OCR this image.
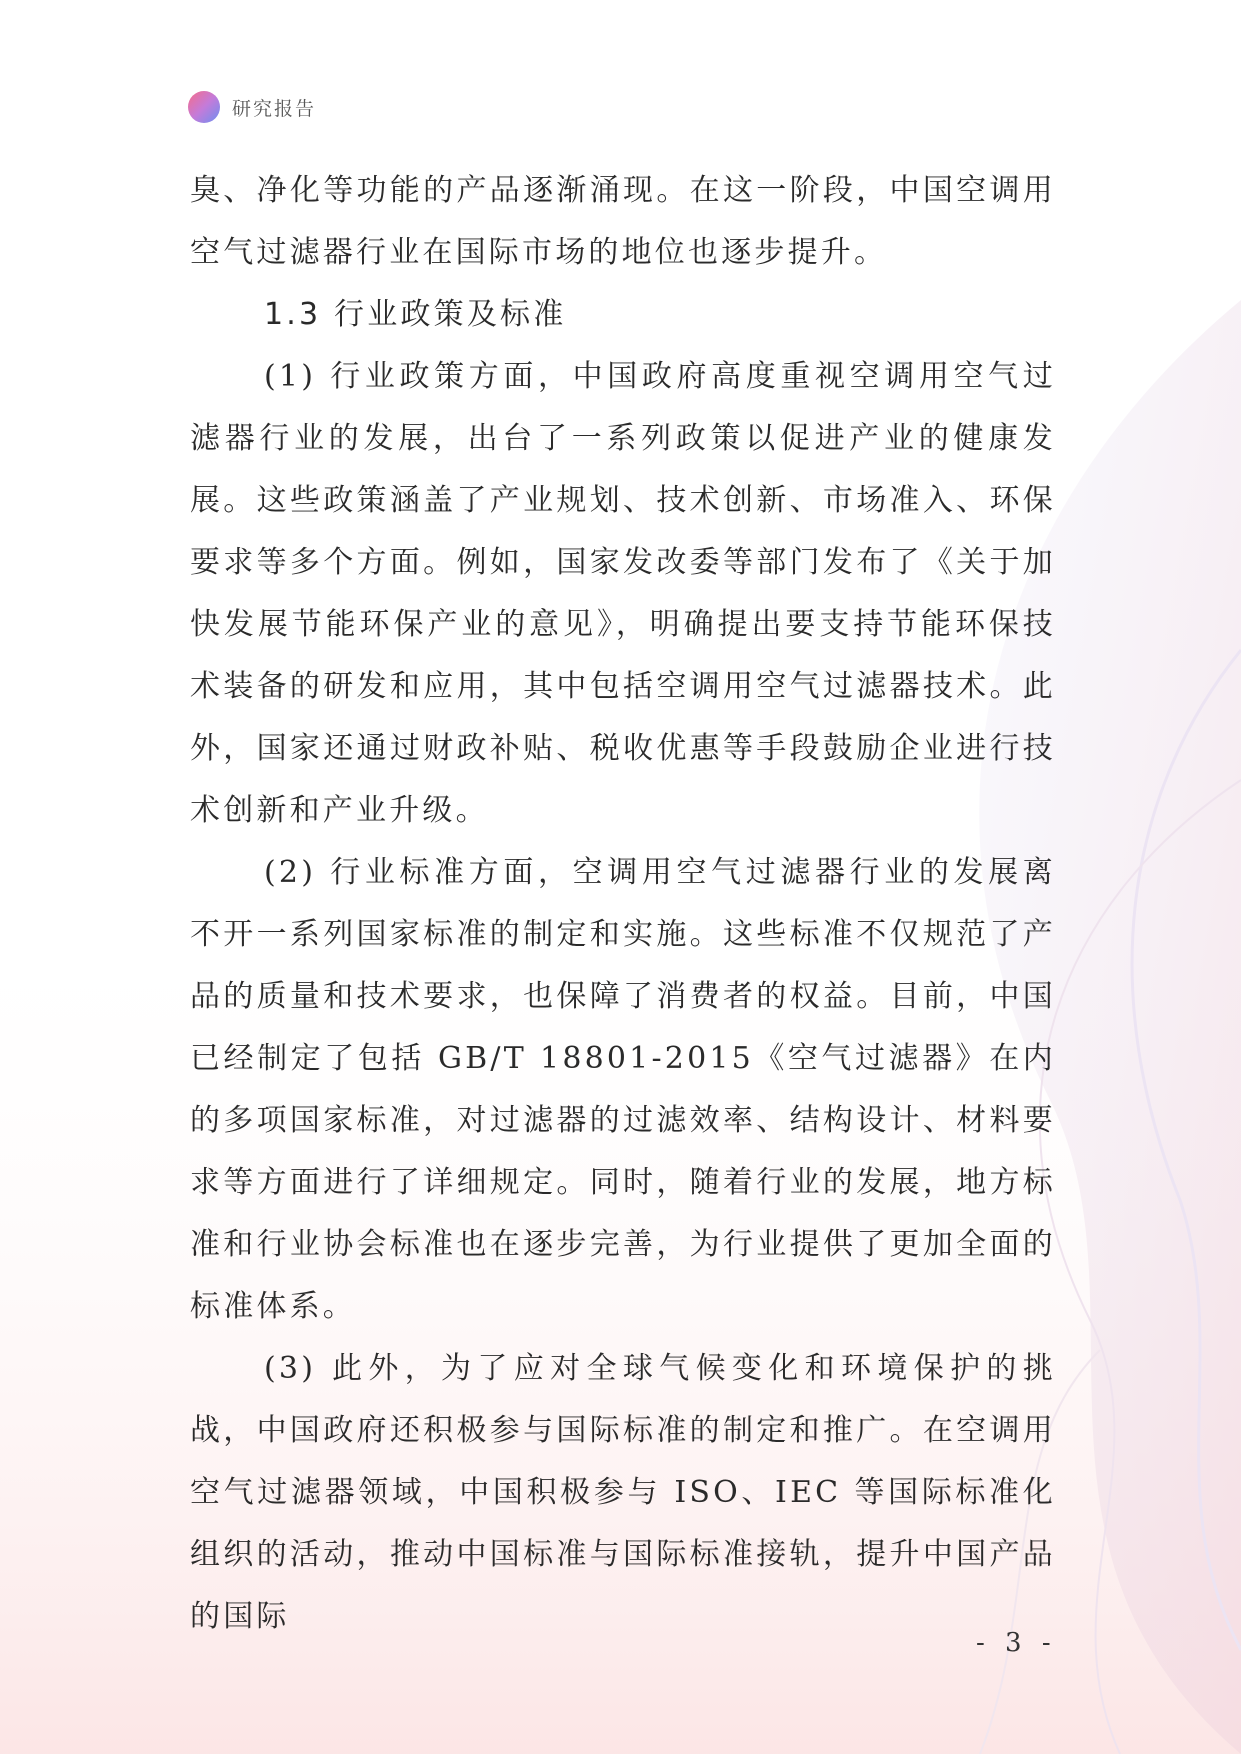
研究报告

臭、净化等功能的产品逐渐涌现。在这一阶段，中国空调用空气过滤器行业在国际市场的地位也逐步提升。

1.3 行业政策及标准

(1) 行业政策方面，中国政府高度重视空调用空气过滤器行业的发展，出台了一系列政策以促进产业的健康发展。这些政策涵盖了产业规划、技术创新、市场准入、环保要求等多个方面。例如，国家发改委等部门发布了《关于加快发展节能环保产业的意见》，明确提出要支持节能环保技术装备的研发和应用，其中包括空调用空气过滤器技术。此外，国家还通过财政补贴、税收优惠等手段鼓励企业进行技术创新和产业升级。

(2) 行业标准方面，空调用空气过滤器行业的发展离不开一系列国家标准的制定和实施。这些标准不仅规范了产品的质量和技术要求，也保障了消费者的权益。目前，中国已经制定了包括 GB/T 18801-2015《空气过滤器》在内的多项国家标准，对过滤器的过滤效率、结构设计、材料要求等方面进行了详细规定。同时，随着行业的发展，地方标准和行业协会标准也在逐步完善，为行业提供了更加全面的标准体系。

(3) 此外，为了应对全球气候变化和环境保护的挑战，中国政府还积极参与国际标准的制定和推广。在空调用空气过滤器领域，中国积极参与 ISO、IEC 等国际标准化组织的活动，推动中国标准与国际标准接轨，提升中国产品的国际

- 3 -
